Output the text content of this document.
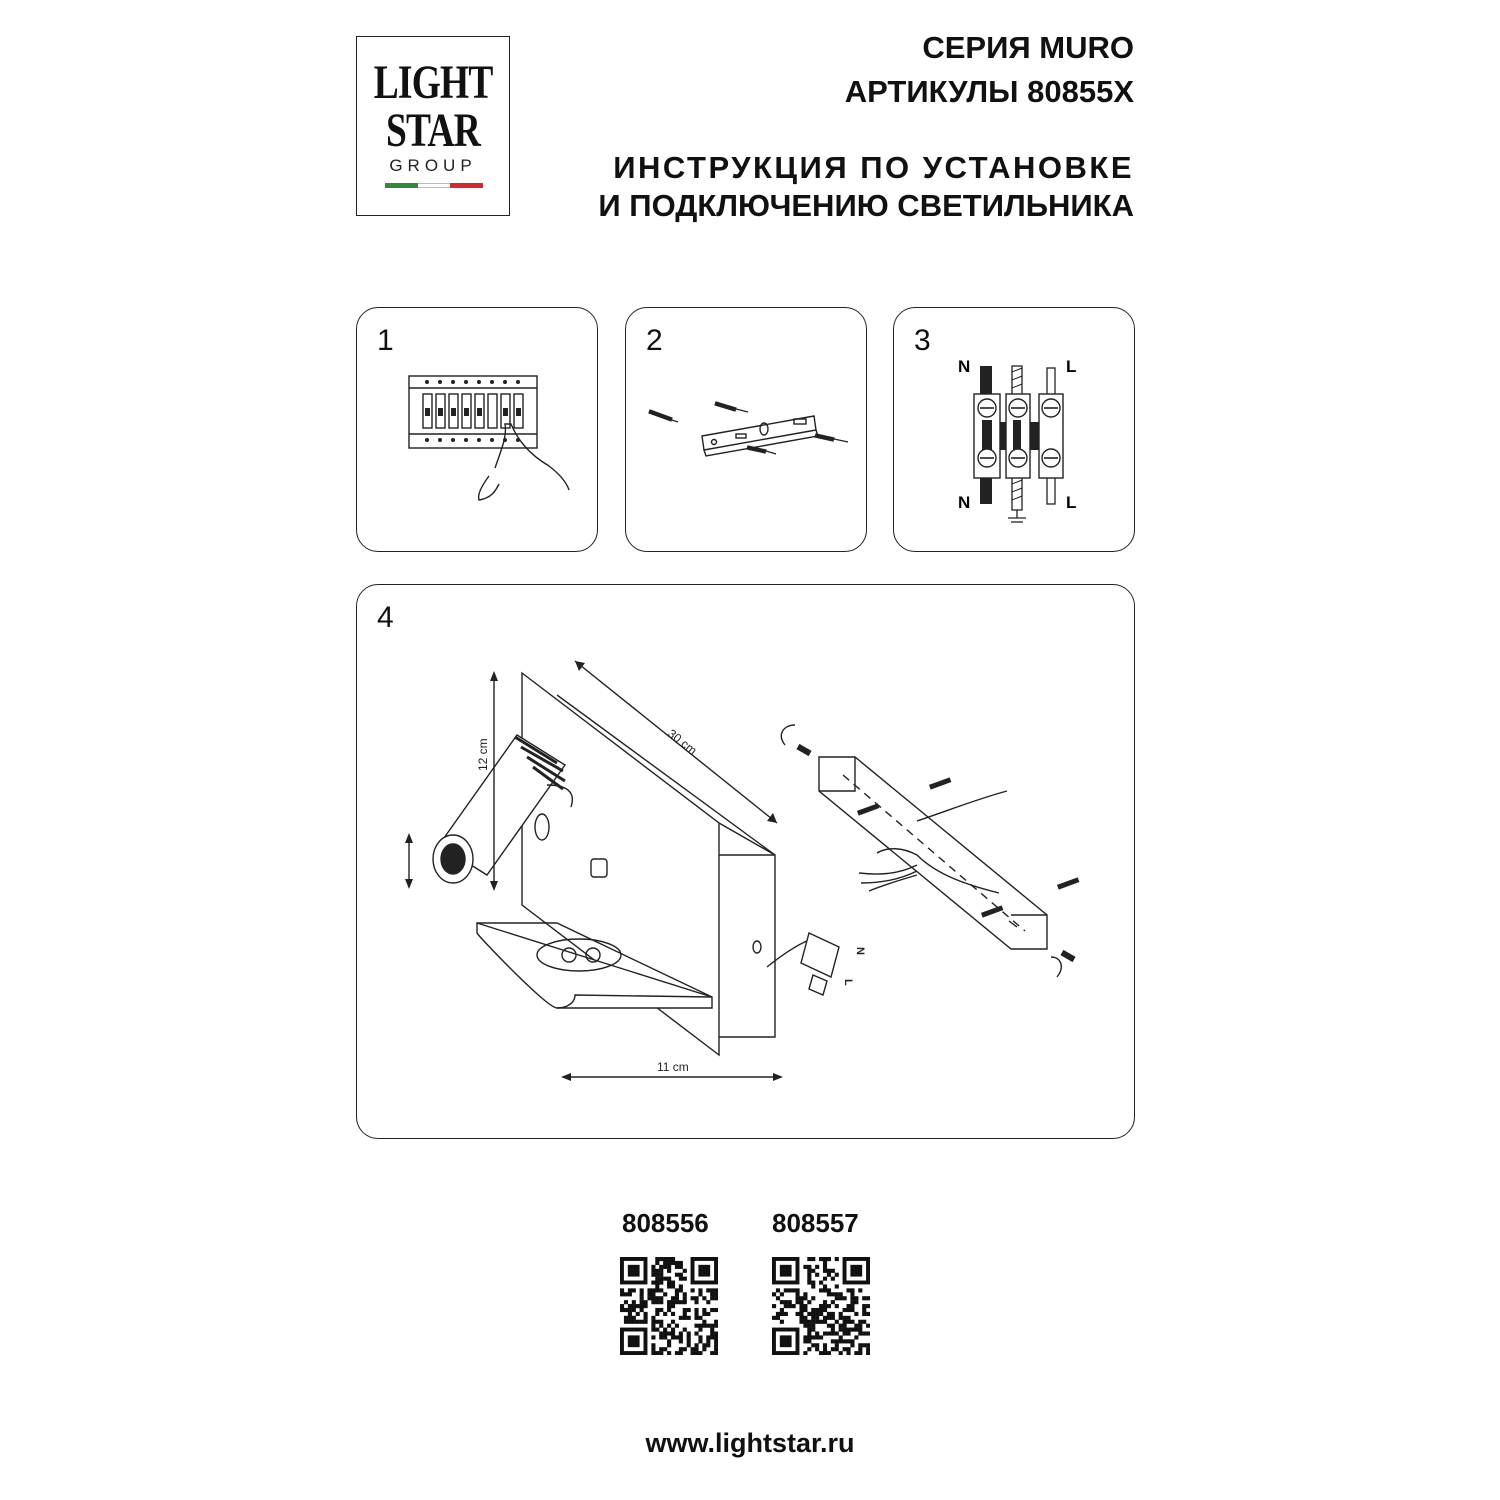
LIGHT
STAR
GROUP
СЕРИЯ MURO
АРТИКУЛЫ 80855X
ИНСТРУКЦИЯ ПО УСТАНОВКЕ
И ПОДКЛЮЧЕНИЮ СВЕТИЛЬНИКА
1	2	3
N	L
N	L
4
30 cm
12 cm
11 cm
N
L
808556 808557
www.lightstar.ru
